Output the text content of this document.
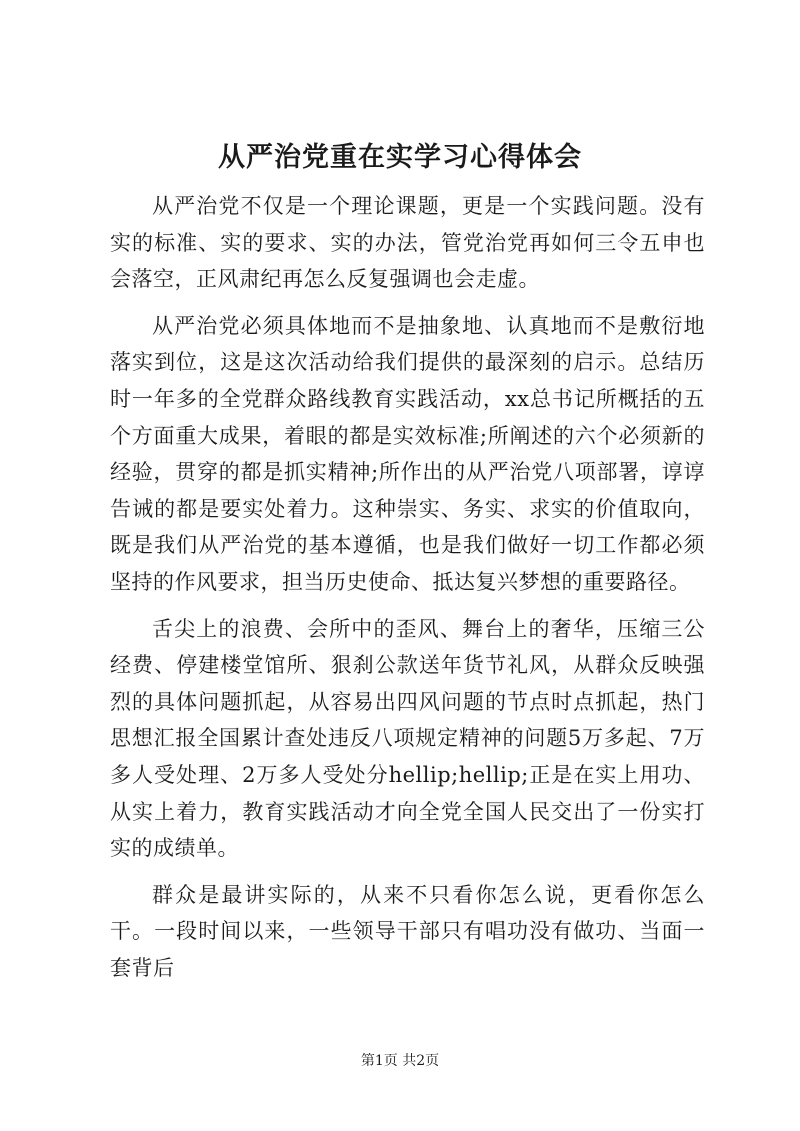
从严治党重在实学习心得体会

从严治党不仅是一个理论课题，更是一个实践问题。没有实的标准、实的要求、实的办法，管党治党再如何三令五申也会落空，正风肃纪再怎么反复强调也会走虚。

从严治党必须具体地而不是抽象地、认真地而不是敷衍地落实到位，这是这次活动给我们提供的最深刻的启示。总结历时一年多的全党群众路线教育实践活动，xx总书记所概括的五个方面重大成果，着眼的都是实效标准;所阐述的六个必须新的经验，贯穿的都是抓实精神;所作出的从严治党八项部署，谆谆告诫的都是要实处着力。这种崇实、务实、求实的价值取向，既是我们从严治党的基本遵循，也是我们做好一切工作都必须坚持的作风要求，担当历史使命、抵达复兴梦想的重要路径。

舌尖上的浪费、会所中的歪风、舞台上的奢华，压缩三公经费、停建楼堂馆所、狠刹公款送年货节礼风，从群众反映强烈的具体问题抓起，从容易出四风问题的节点时点抓起，热门思想汇报全国累计查处违反八项规定精神的问题5万多起、7万多人受处理、2万多人受处分hellip;hellip;正是在实上用功、从实上着力，教育实践活动才向全党全国人民交出了一份实打实的成绩单。

群众是最讲实际的，从来不只看你怎么说，更看你怎么干。一段时间以来，一些领导干部只有唱功没有做功、当面一套背后

第1页 共2页
